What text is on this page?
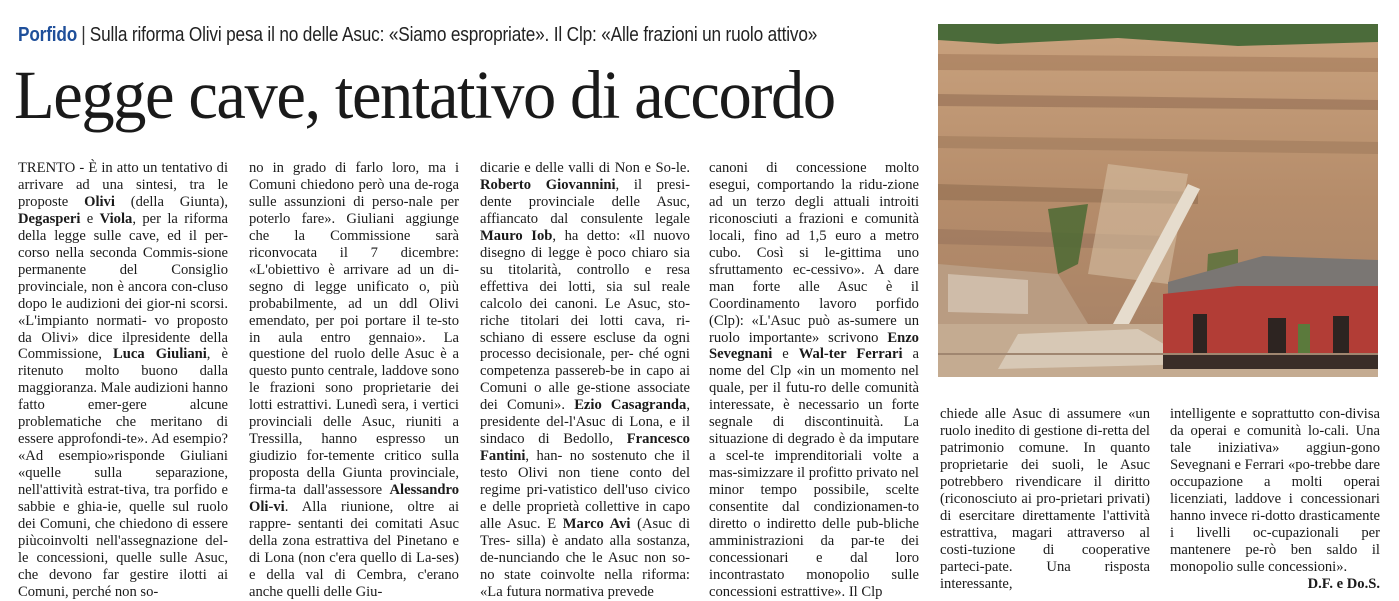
Porfido | Sulla riforma Olivi pesa il no delle Asuc: «Siamo espropriate». Il Clp: «Alle frazioni un ruolo attivo»
Legge cave, tentativo di accordo

TRENTO - È in atto un tentativo di arrivare ad una sintesi, tra le proposte Olivi (della Giunta), Degasperi e Viola, per la riforma della legge sulle cave, ed il per-corso nella seconda Commis-sione permanente del Consiglio provinciale, non è ancora con-cluso dopo le audizioni dei gior-ni scorsi. «L'impianto normati- vo proposto da Olivi» dice ilpresidente della Commissione, Luca Giuliani, è ritenuto molto buono dalla maggioranza. Male audizioni hanno fatto emer-gere alcune problematiche che meritano di essere approfondi-te». Ad esempio? «Ad esempio»risponde Giuliani «quelle sulla separazione, nell'attività estrat-tiva, tra porfido e sabbie e ghia-ie, quelle sul ruolo dei Comuni, che chiedono di essere piùcoinvolti nell'assegnazione del-le concessioni, quelle sulle Asuc, che devono far gestire ilotti ai Comuni, perché non so-

no in grado di farlo loro, ma i Comuni chiedono però una de-roga sulle assunzioni di perso-nale per poterlo fare». Giuliani aggiunge che la Commissione sarà riconvocata il 7 dicembre: «L'obiettivo è arrivare ad un di-segno di legge unificato o, più probabilmente, ad un ddl Olivi emendato, per poi portare il te-sto in aula entro gennaio». La questione del ruolo delle Asuc è a questo punto centrale, laddove sono le frazioni sono proprietarie dei lotti estrattivi. Lunedì sera, i vertici provinciali delle Asuc, riuniti a Tressilla, hanno espresso un giudizio for-temente critico sulla proposta della Giunta provinciale, firma-ta dall'assessore Alessandro Oli-vi. Alla riunione, oltre ai rappre- sentanti dei comitati Asuc della zona estrattiva del Pinetano e di Lona (non c'era quello di La-ses) e della val di Cembra, c'erano anche quelli delle Giu-

dicarie e delle valli di Non e So-le. Roberto Giovannini, il presi- dente provinciale delle Asuc, affiancato dal consulente legale Mauro Iob, ha detto: «Il nuovo disegno di legge è poco chiaro sia su titolarità, controllo e resa effettiva dei lotti, sia sul reale calcolo dei canoni. Le Asuc, sto- riche titolari dei lotti cava, ri-schiano di essere escluse da ogni processo decisionale, per- ché ogni competenza passereb-be in capo ai Comuni o alle ge-stione associate dei Comuni». Ezio Casagranda, presidente del-l'Asuc di Lona, e il sindaco di Bedollo, Francesco Fantini, han- no sostenuto che il testo Olivi non tiene conto del regime pri-vatistico dell'uso civico e delle proprietà collettive in capo alle Asuc. E Marco Avi (Asuc di Tres- silla) è andato alla sostanza, de-nunciando che le Asuc non so-no state coinvolte nella riforma: «La futura normativa prevede

canoni di concessione molto esegui, comportando la ridu-zione ad un terzo degli attuali introiti riconosciuti a frazioni e comunità locali, fino ad 1,5 euro a metro cubo. Così si le-gittima uno sfruttamento ec-cessivo». A dare man forte alle Asuc è il Coordinamento lavoro porfido (Clp): «L'Asuc può as-sumere un ruolo importante» scrivono Enzo Sevegnani e Wal-ter Ferrari a nome del Clp «in un momento nel quale, per il futu-ro delle comunità interessate, è necessario un forte segnale di discontinuità. La situazione di degrado è da imputare a scel-te imprenditoriali volte a mas-simizzare il profitto privato nel minor tempo possibile, scelte consentite dal condizionamen-to diretto o indiretto delle pub-bliche amministrazioni da par-te dei concessionari e dal loro incontrastato monopolio sulle concessioni estrattive». Il Clp

chiede alle Asuc di assumere «un ruolo inedito di gestione di-retta del patrimonio comune. In quanto proprietarie dei suoli, le Asuc potrebbero rivendicare il diritto (riconosciuto ai pro-prietari privati) di esercitare direttamente l'attività estrattiva, magari attraverso al costi-tuzione di cooperative parteci-pate. Una risposta interessante,

intelligente e soprattutto con-divisa da operai e comunità lo-cali. Una tale iniziativa» aggiun-gono Sevegnani e Ferrari «po-trebbe dare occupazione a molti operai licenziati, laddove i concessionari hanno invece ri-dotto drasticamente i livelli oc-cupazionali per mantenere pe-rò ben saldo il monopolio sulle concessioni».

D.F. e Do.S.
